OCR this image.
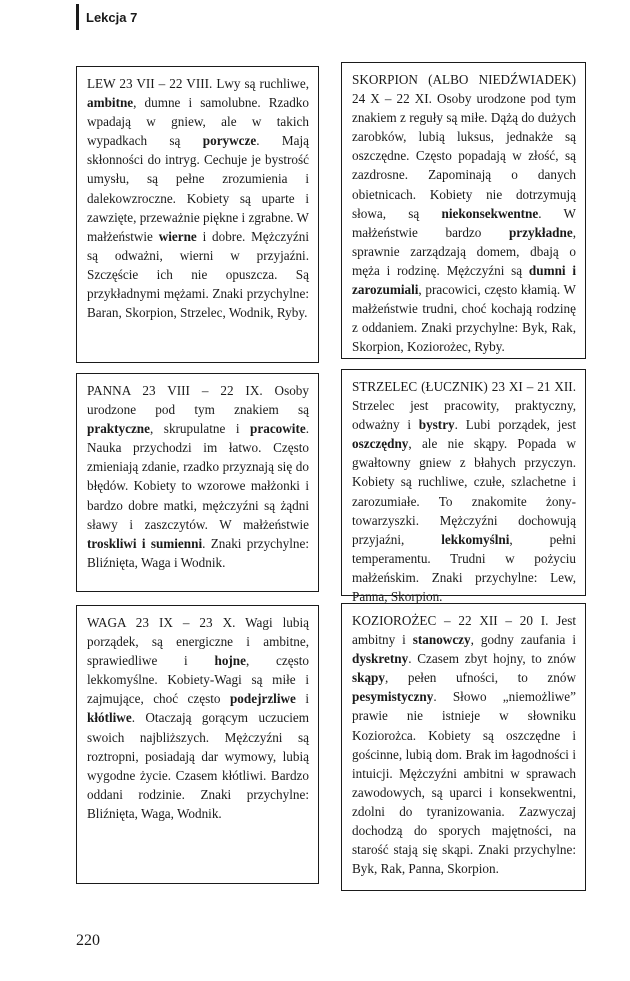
Lekcja 7

LEW 23 VII – 22 VIII. Lwy są ruchliwe, ambitne, dumne i samolubne. Rzadko wpadają w gniew, ale w takich wypadkach są porywcze. Mają skłonności do intryg. Cechuje je bystrość umysłu, są pełne zrozumienia i dalekowzroczne. Kobiety są uparte i zawzięte, przeważnie piękne i zgrabne. W małżeństwie wierne i dobre. Mężczyźni są odważni, wierni w przyjaźni. Szczęście ich nie opuszcza. Są przykładnymi mężami. Znaki przychylne: Baran, Skorpion, Strzelec, Wodnik, Ryby.

SKORPION (ALBO NIEDŹWIADEK) 24 X – 22 XI. Osoby urodzone pod tym znakiem z reguły są miłe. Dążą do dużych zarobków, lubią luksus, jednakże są oszczędne. Często popadają w złość, są zazdrosne. Zapominają o danych obietnicach. Kobiety nie dotrzymują słowa, są niekonsekwentne. W małżeństwie bardzo przykładne, sprawnie zarządzają domem, dbają o męża i rodzinę. Mężczyźni są dumni i zarozumiali, pracowici, często kłamią. W małżeństwie trudni, choć kochają rodzinę z oddaniem. Znaki przychylne: Byk, Rak, Skorpion, Koziorożec, Ryby.

PANNA 23 VIII – 22 IX. Osoby urodzone pod tym znakiem są praktyczne, skrupulatne i pracowite. Nauka przychodzi im łatwo. Często zmieniają zdanie, rzadko przyznają się do błędów. Kobiety to wzorowe małżonki i bardzo dobre matki, mężczyźni są żądni sławy i zaszczytów. W małżeństwie troskliwi i sumienni. Znaki przychylne: Bliźnięta, Waga i Wodnik.

STRZELEC (ŁUCZNIK) 23 XI – 21 XII. Strzelec jest pracowity, praktyczny, odważny i bystry. Lubi porządek, jest oszczędny, ale nie skąpy. Popada w gwałtowny gniew z błahych przyczyn. Kobiety są ruchliwe, czułe, szlachetne i zarozumiałe. To znakomite żony-towarzyszki. Mężczyźni dochowują przyjaźni, lekkomyślni, pełni temperamentu. Trudni w pożyciu małżeńskim. Znaki przychylne: Lew, Panna, Skorpion.

WAGA 23 IX – 23 X. Wagi lubią porządek, są energiczne i ambitne, sprawiedliwe i hojne, często lekkomyślne. Kobiety-Wagi są miłe i zajmujące, choć często podejrzliwe i kłótliwe. Otaczają gorącym uczuciem swoich najbliższych. Mężczyźni są roztropni, posiadają dar wymowy, lubią wygodne życie. Czasem kłótliwi. Bardzo oddani rodzinie. Znaki przychylne: Bliźnięta, Waga, Wodnik.

KOZIOROŻEC – 22 XII – 20 I. Jest ambitny i stanowczy, godny zaufania i dyskretny. Czasem zbyt hojny, to znów skąpy, pełen ufności, to znów pesymistyczny. Słowo „niemożliwe” prawie nie istnieje w słowniku Koziorożca. Kobiety są oszczędne i gościnne, lubią dom. Brak im łagodności i intuicji. Mężczyźni ambitni w sprawach zawodowych, są uparci i konsekwentni, zdolni do tyranizowania. Zazwyczaj dochodzą do sporych majętności, na starość stają się skąpi. Znaki przychylne: Byk, Rak, Panna, Skorpion.

220
